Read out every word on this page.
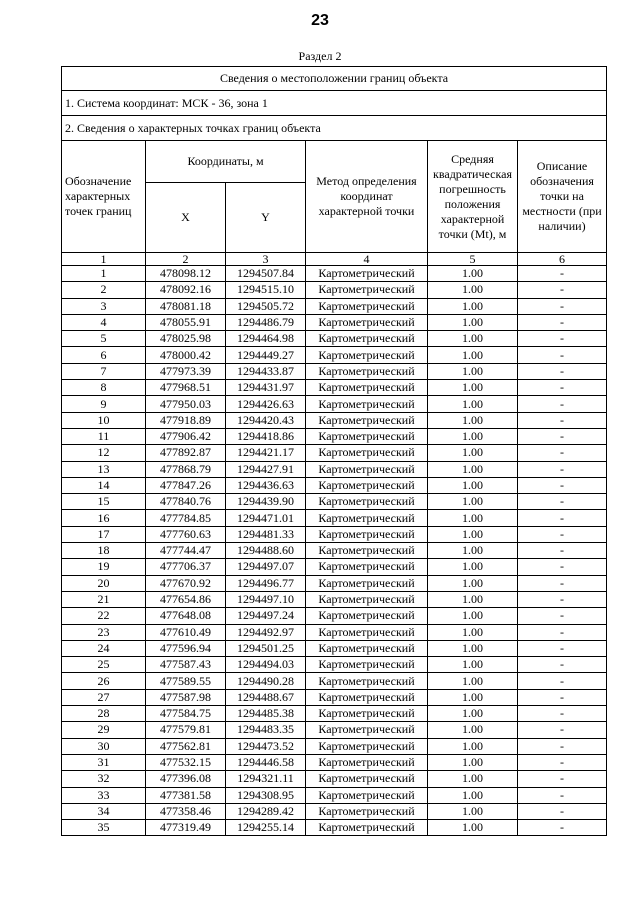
23
Раздел 2
Сведения о местоположении границ объекта					
1. Система координат: МСК - 36, зона 1					
2. Сведения о характерных точках границ объекта					
Обозначение характерных точек границ	Координаты, м		Метод определения координат характерной точки	Средняя квадратическая погрешность положения характерной точки (Mt), м	Описание обозначения точки на местности (при наличии)
	X	Y			
1	2	3	4	5	6
1	478098.12	1294507.84	Картометрический	1.00	-
2	478092.16	1294515.10	Картометрический	1.00	-
3	478081.18	1294505.72	Картометрический	1.00	-
4	478055.91	1294486.79	Картометрический	1.00	-
5	478025.98	1294464.98	Картометрический	1.00	-
6	478000.42	1294449.27	Картометрический	1.00	-
7	477973.39	1294433.87	Картометрический	1.00	-
8	477968.51	1294431.97	Картометрический	1.00	-
9	477950.03	1294426.63	Картометрический	1.00	-
10	477918.89	1294420.43	Картометрический	1.00	-
11	477906.42	1294418.86	Картометрический	1.00	-
12	477892.87	1294421.17	Картометрический	1.00	-
13	477868.79	1294427.91	Картометрический	1.00	-
14	477847.26	1294436.63	Картометрический	1.00	-
15	477840.76	1294439.90	Картометрический	1.00	-
16	477784.85	1294471.01	Картометрический	1.00	-
17	477760.63	1294481.33	Картометрический	1.00	-
18	477744.47	1294488.60	Картометрический	1.00	-
19	477706.37	1294497.07	Картометрический	1.00	-
20	477670.92	1294496.77	Картометрический	1.00	-
21	477654.86	1294497.10	Картометрический	1.00	-
22	477648.08	1294497.24	Картометрический	1.00	-
23	477610.49	1294492.97	Картометрический	1.00	-
24	477596.94	1294501.25	Картометрический	1.00	-
25	477587.43	1294494.03	Картометрический	1.00	-
26	477589.55	1294490.28	Картометрический	1.00	-
27	477587.98	1294488.67	Картометрический	1.00	-
28	477584.75	1294485.38	Картометрический	1.00	-
29	477579.81	1294483.35	Картометрический	1.00	-
30	477562.81	1294473.52	Картометрический	1.00	-
31	477532.15	1294446.58	Картометрический	1.00	-
32	477396.08	1294321.11	Картометрический	1.00	-
33	477381.58	1294308.95	Картометрический	1.00	-
34	477358.46	1294289.42	Картометрический	1.00	-
35	477319.49	1294255.14	Картометрический	1.00	-
